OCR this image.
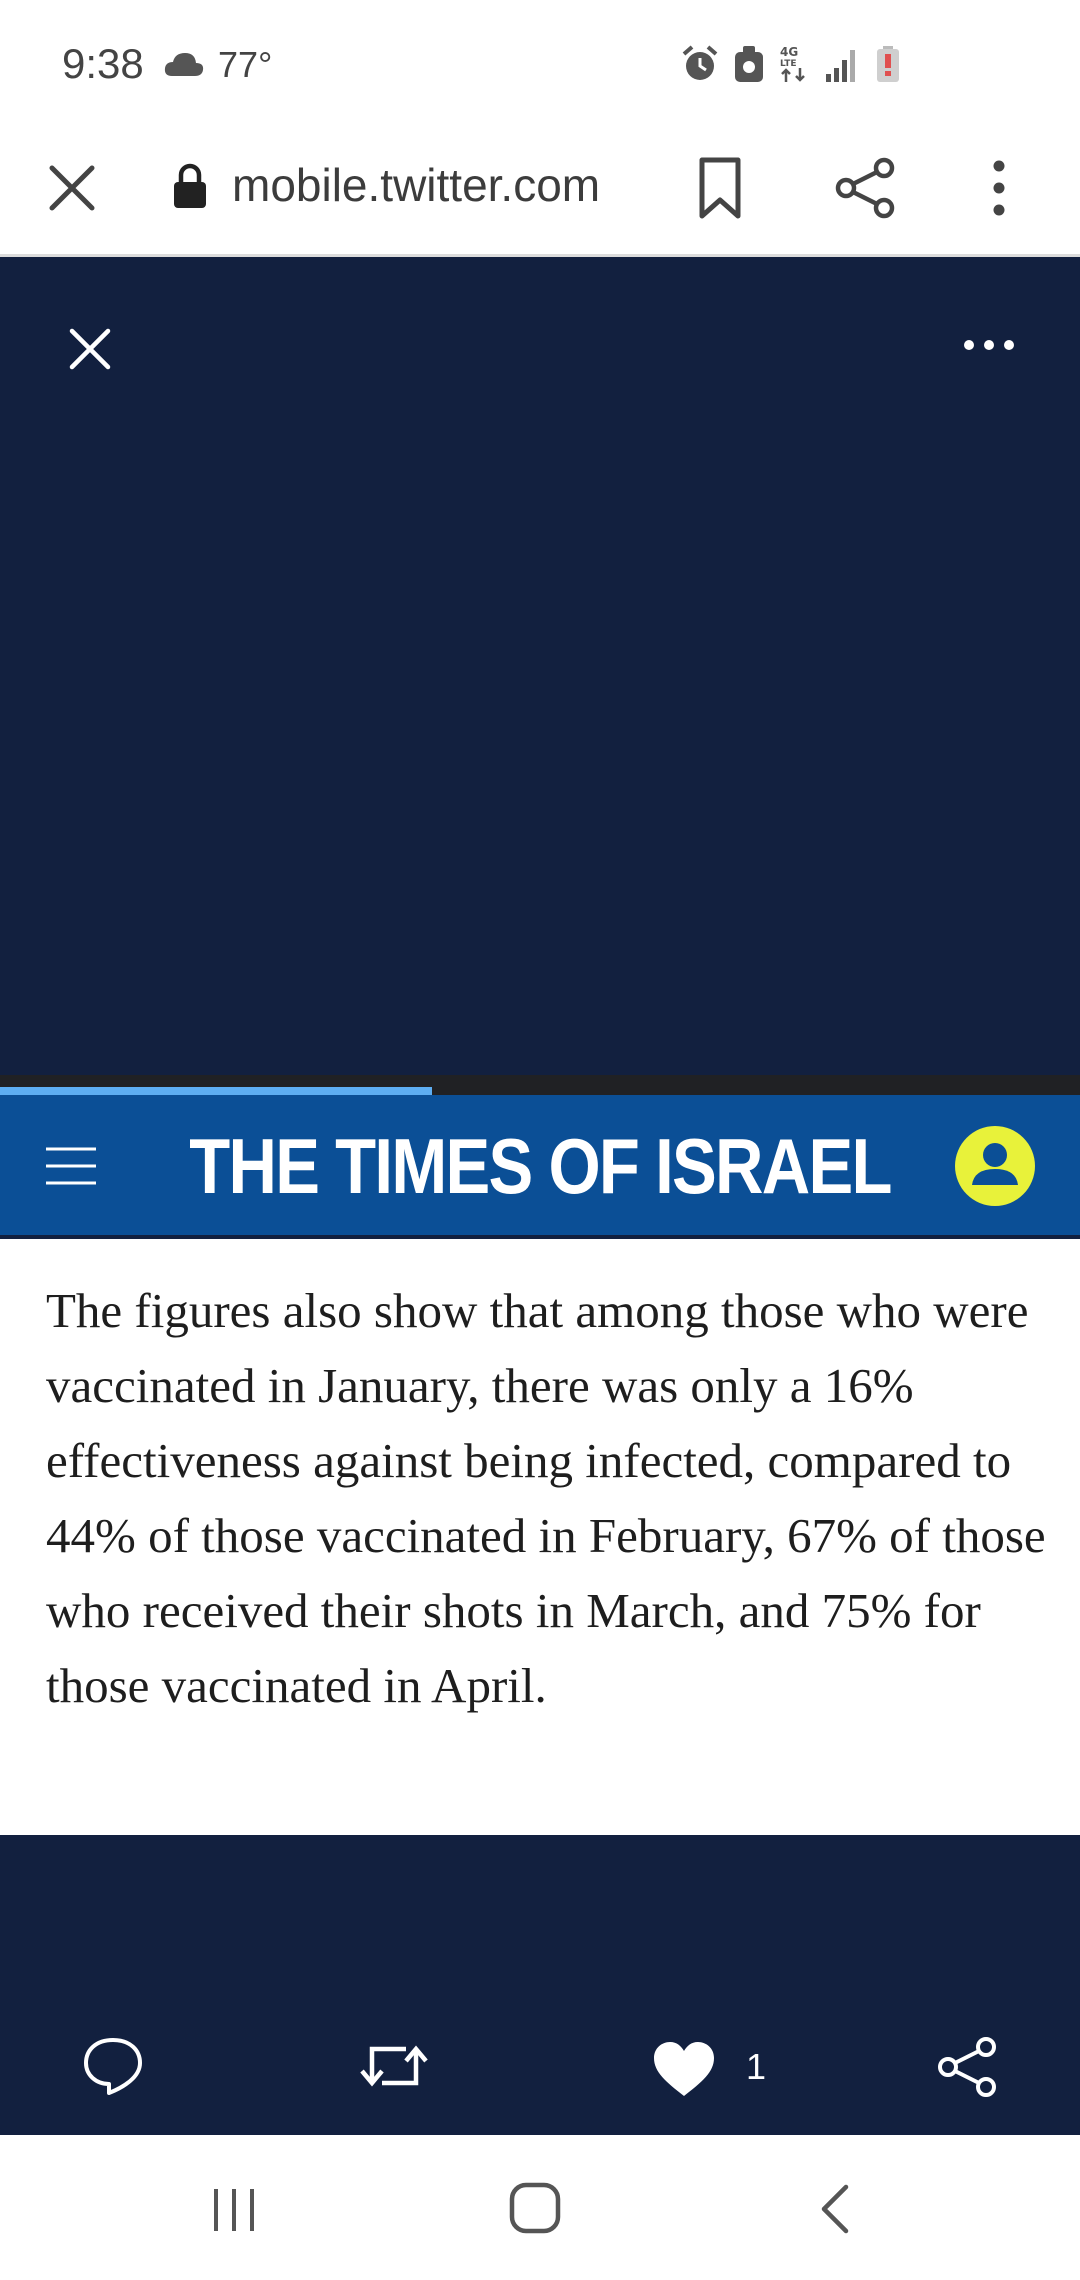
9:38 77°	4G
LTE
mobile.twitter.com
THE TIMES OF ISRAEL
The figures also show that among those who were vaccinated in January, there was only a 16% effectiveness against being infected, compared to 44% of those vaccinated in February, 67% of those who received their shots in March, and 75% for those vaccinated in April.
1
